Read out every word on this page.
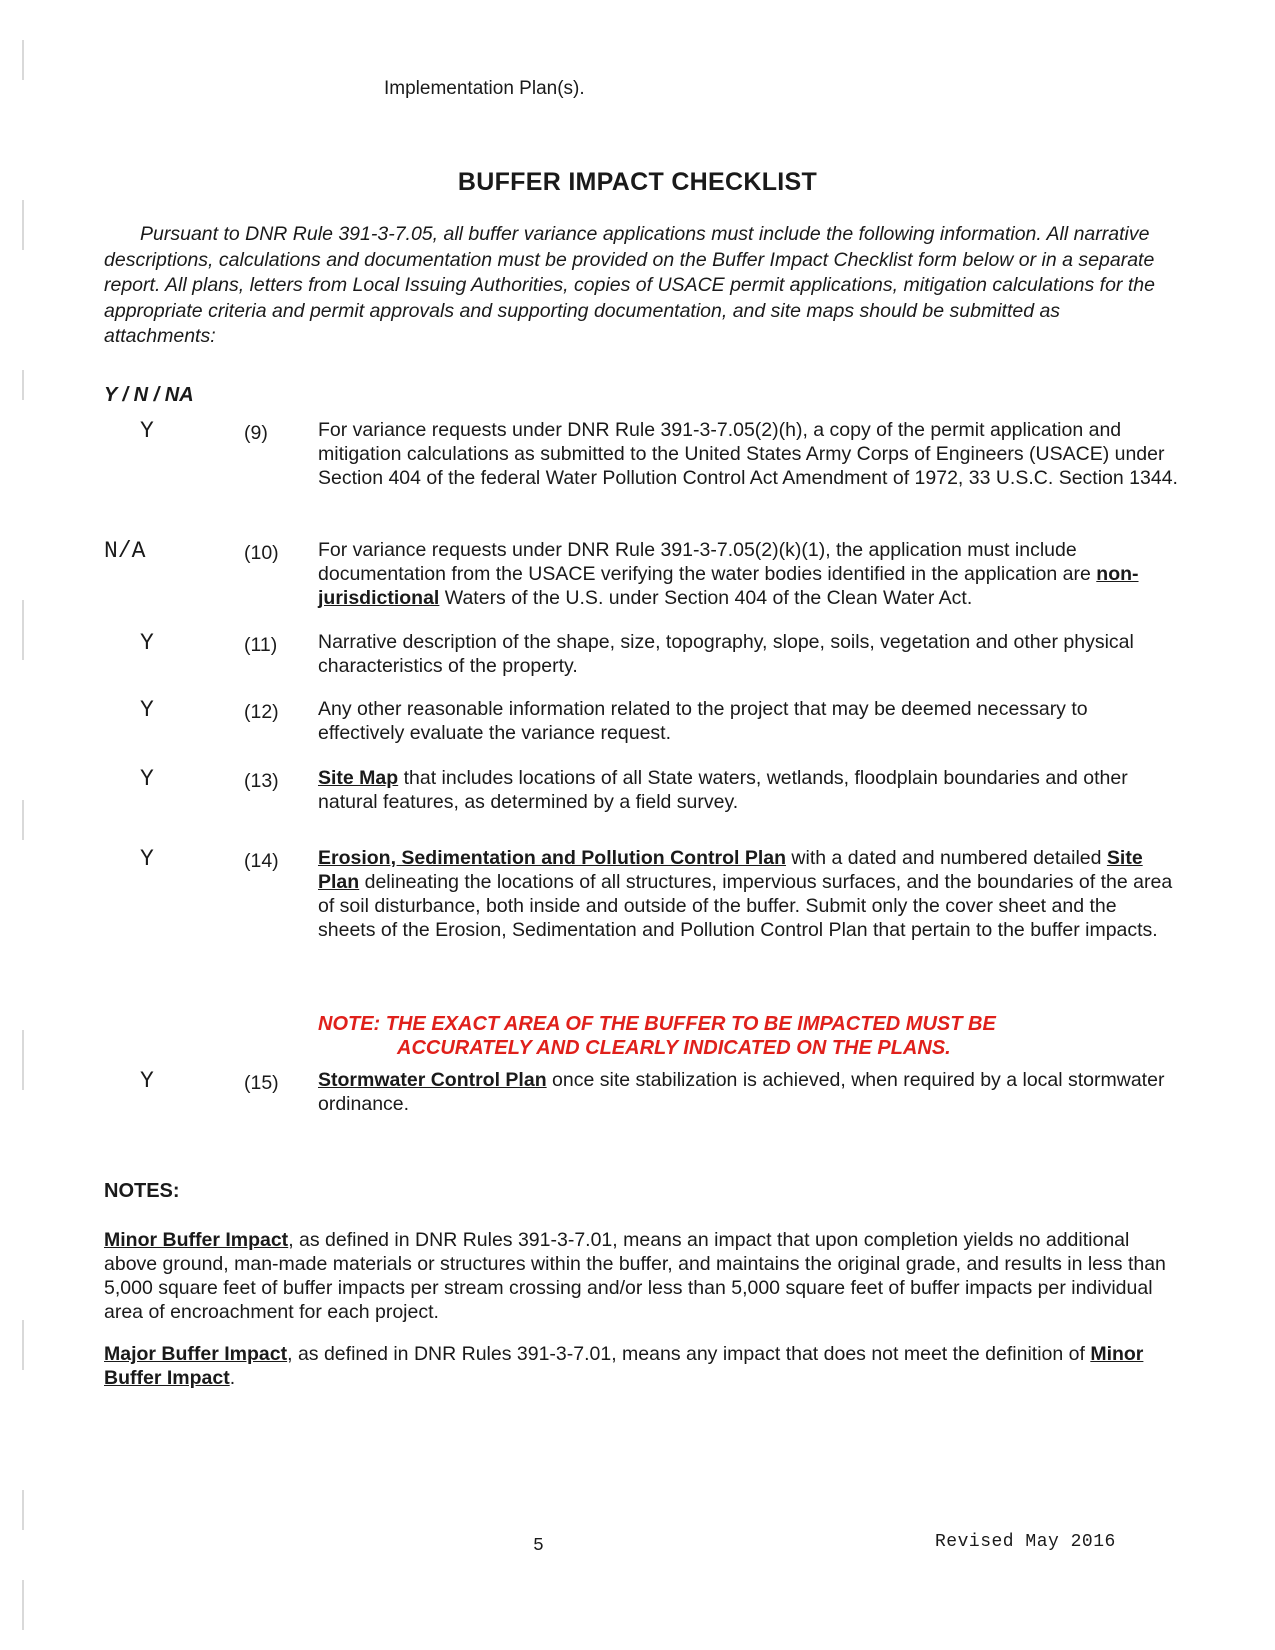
Implementation Plan(s).
BUFFER IMPACT CHECKLIST
Pursuant to DNR Rule 391-3-7.05, all buffer variance applications must include the following information. All narrative descriptions, calculations and documentation must be provided on the Buffer Impact Checklist form below or in a separate report. All plans, letters from Local Issuing Authorities, copies of USACE permit applications, mitigation calculations for the appropriate criteria and permit approvals and supporting documentation, and site maps should be submitted as attachments:
Y / N / NA
Y	(9)	For variance requests under DNR Rule 391-3-7.05(2)(h), a copy of the permit application and mitigation calculations as submitted to the United States Army Corps of Engineers (USACE) under Section 404 of the federal Water Pollution Control Act Amendment of 1972, 33 U.S.C. Section 1344.
N/A	(10) For variance requests under DNR Rule 391-3-7.05(2)(k)(1), the application must include documentation from the USACE verifying the water bodies identified in the application are non-jurisdictional Waters of the U.S. under Section 404 of the Clean Water Act.
Y	(11) Narrative description of the shape, size, topography, slope, soils, vegetation and other physical characteristics of the property.
Y	(12) Any other reasonable information related to the project that may be deemed necessary to effectively evaluate the variance request.
Y	(13) Site Map that includes locations of all State waters, wetlands, floodplain boundaries and other natural features, as determined by a field survey.
Y	(14) Erosion, Sedimentation and Pollution Control Plan with a dated and numbered detailed Site Plan delineating the locations of all structures, impervious surfaces, and the boundaries of the area of soil disturbance, both inside and outside of the buffer. Submit only the cover sheet and the sheets of the Erosion, Sedimentation and Pollution Control Plan that pertain to the buffer impacts.
NOTE: THE EXACT AREA OF THE BUFFER TO BE IMPACTED MUST BE
ACCURATELY AND CLEARLY INDICATED ON THE PLANS.
Y	(15) Stormwater Control Plan once site stabilization is achieved, when required by a local stormwater ordinance.
NOTES:
Minor Buffer Impact, as defined in DNR Rules 391-3-7.01, means an impact that upon completion yields no additional above ground, man-made materials or structures within the buffer, and maintains the original grade, and results in less than 5,000 square feet of buffer impacts per stream crossing and/or less than 5,000 square feet of buffer impacts per individual area of encroachment for each project.
Major Buffer Impact, as defined in DNR Rules 391-3-7.01, means any impact that does not meet the definition of Minor Buffer Impact.
5	Revised May 2016
